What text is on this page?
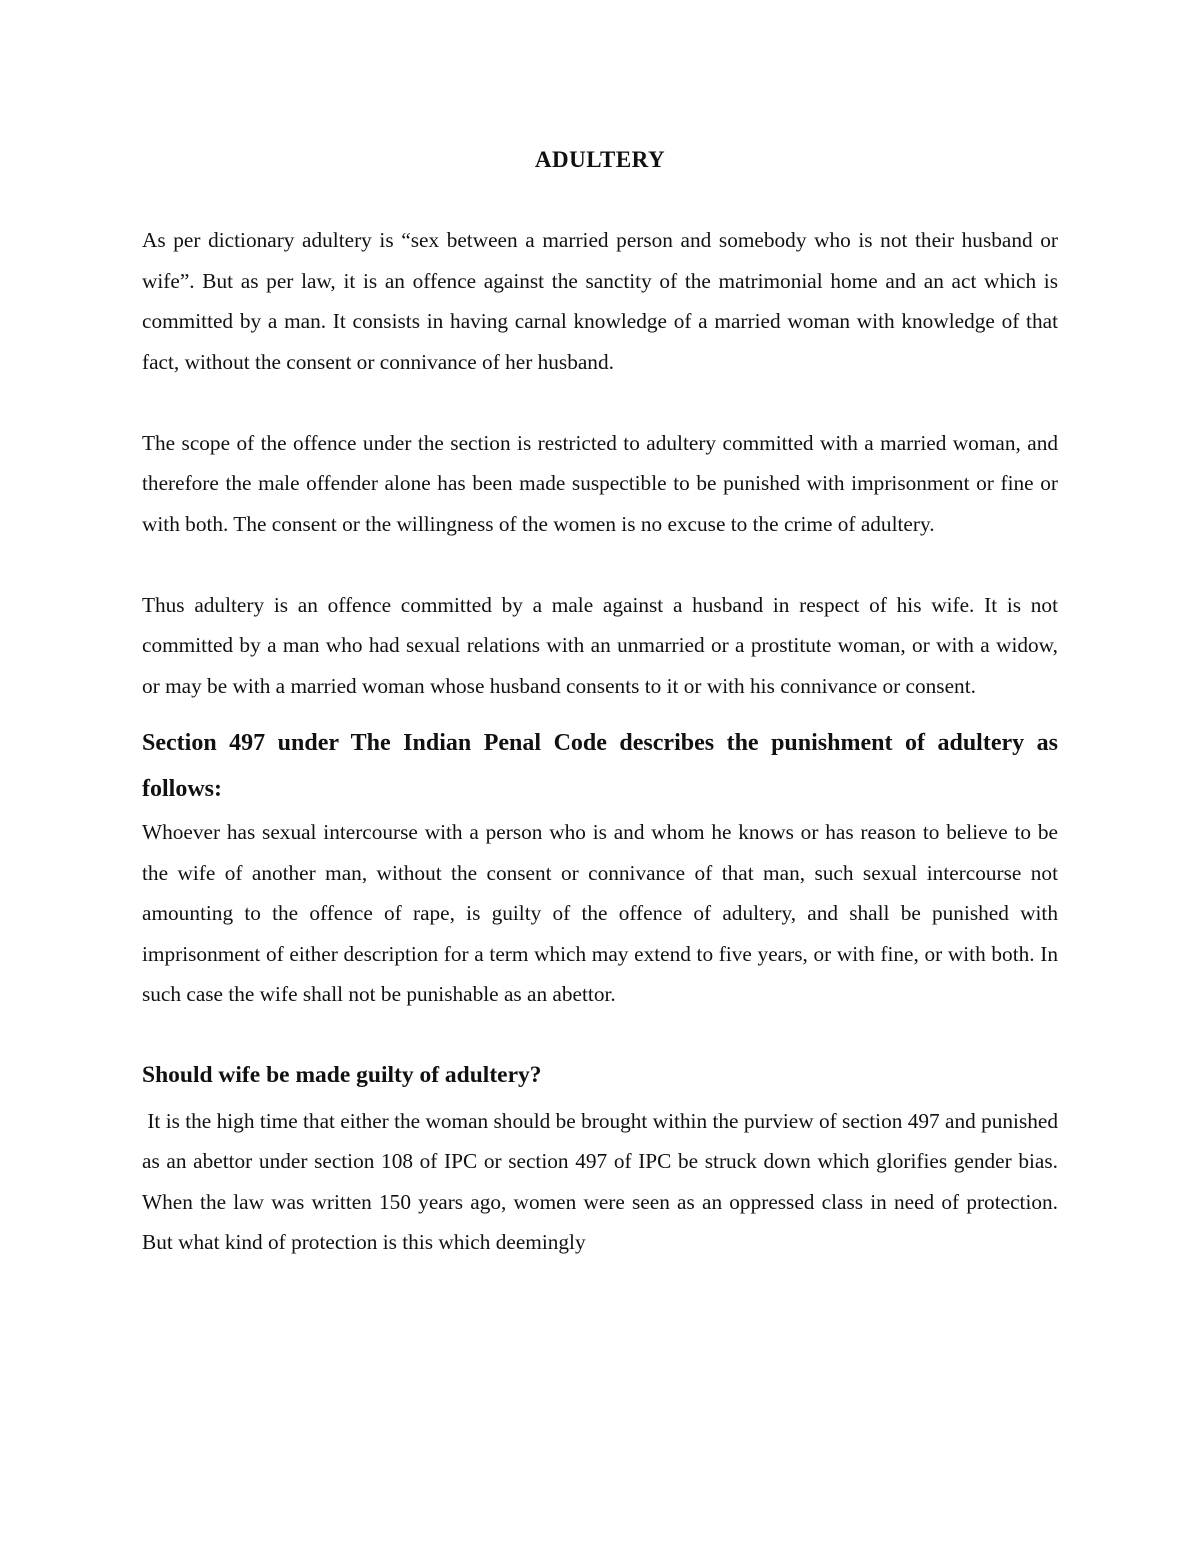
ADULTERY

As per dictionary adultery is “sex between a married person and somebody who is not their husband or wife”. But as per law, it is an offence against the sanctity of the matrimonial home and an act which is committed by a man. It consists in having carnal knowledge of a married woman with knowledge of that fact, without the consent or connivance of her husband.

The scope of the offence under the section is restricted to adultery committed with a married woman, and therefore the male offender alone has been made suspectible to be punished with imprisonment or fine or with both. The consent or the willingness of the women is no excuse to the crime of adultery.

Thus adultery is an offence committed by a male against a husband in respect of his wife. It is not committed by a man who had sexual relations with an unmarried or a prostitute woman, or with a widow, or may be with a married woman whose husband consents to it or with his connivance or consent.

Section 497 under The Indian Penal Code describes the punishment of adultery as follows:

Whoever has sexual intercourse with a person who is and whom he knows or has reason to believe to be the wife of another man, without the consent or connivance of that man, such sexual intercourse not amounting to the offence of rape, is guilty of the offence of adultery, and shall be punished with imprisonment of either description for a term which may extend to five years, or with fine, or with both. In such case the wife shall not be punishable as an abettor.

Should wife be made guilty of adultery?

It is the high time that either the woman should be brought within the purview of section 497 and punished as an abettor under section 108 of IPC or section 497 of IPC be struck down which glorifies gender bias. When the law was written 150 years ago, women were seen as an oppressed class in need of protection. But what kind of protection is this which deemingly
